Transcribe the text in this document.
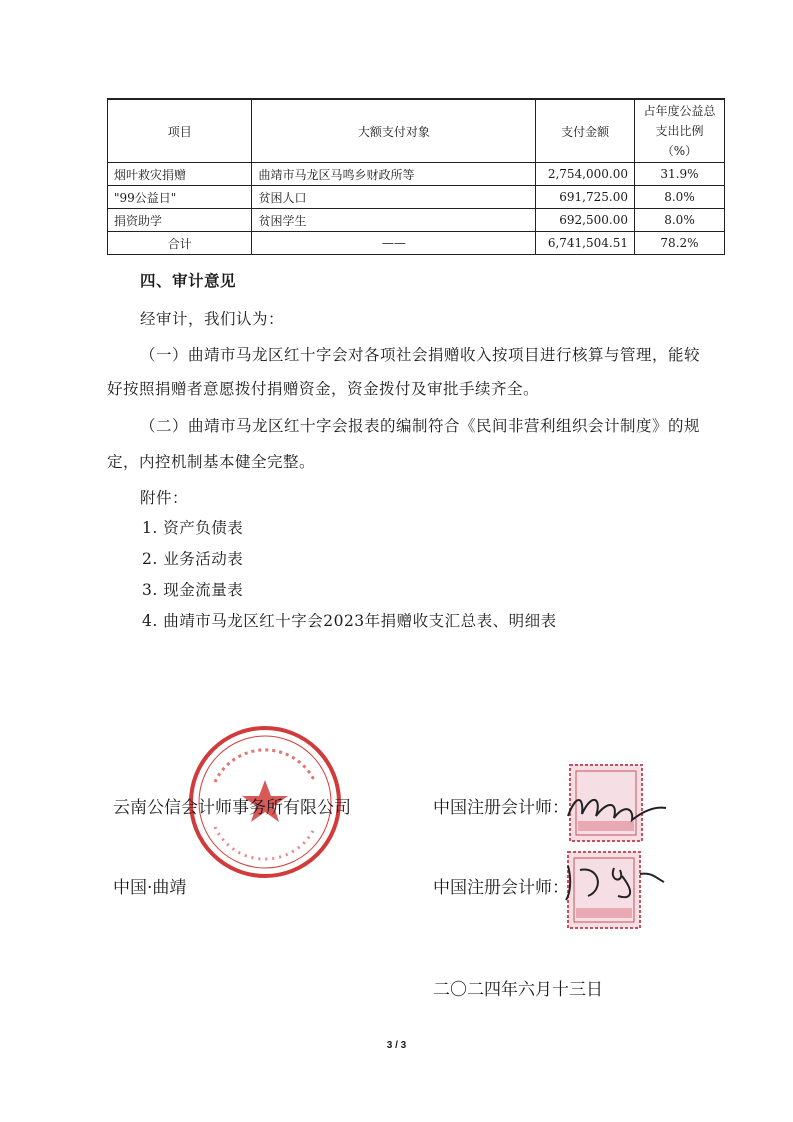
项目	大额支付对象	支付金额	占年度公益总支出比例（%）
烟叶救灾捐赠	曲靖市马龙区马鸣乡财政所等	2,754,000.00	31.9%
"99公益日"	贫困人口	691,725.00	8.0%
捐资助学	贫困学生	692,500.00	8.0%
合计	——	6,741,504.51	78.2%
四、审计意见
经审计，我们认为：
（一）曲靖市马龙区红十字会对各项社会捐赠收入按项目进行核算与管理，能较
好按照捐赠者意愿拨付捐赠资金，资金拨付及审批手续齐全。
（二）曲靖市马龙区红十字会报表的编制符合《民间非营利组织会计制度》的规
定，内控机制基本健全完整。
附件：
1. 资产负债表
2. 业务活动表
3. 现金流量表
4. 曲靖市马龙区红十字会2023年捐赠收支汇总表、明细表
云南公信会计师事务所有限公司
中国·曲靖
中国注册会计师：
中国注册会计师：
二〇二四年六月十三日
3 / 3
